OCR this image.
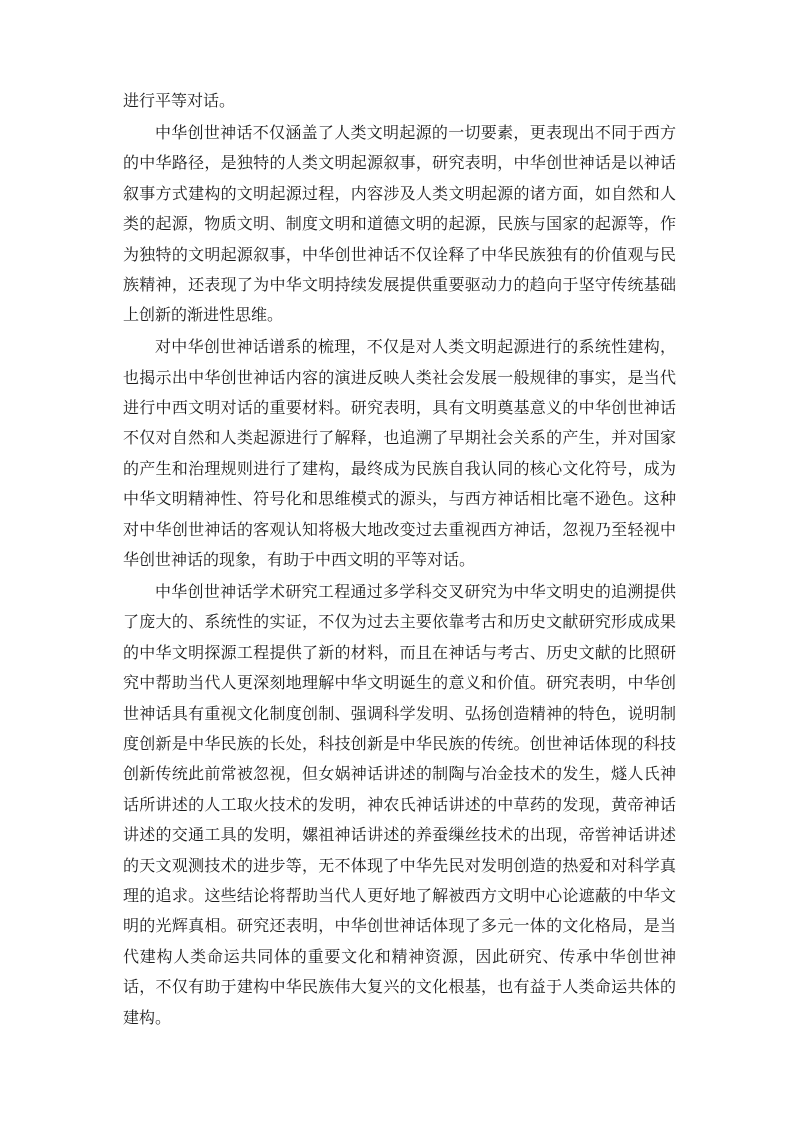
进行平等对话。

中华创世神话不仅涵盖了人类文明起源的一切要素，更表现出不同于西方的中华路径，是独特的人类文明起源叙事，研究表明，中华创世神话是以神话叙事方式建构的文明起源过程，内容涉及人类文明起源的诸方面，如自然和人类的起源，物质文明、制度文明和道德文明的起源，民族与国家的起源等，作为独特的文明起源叙事，中华创世神话不仅诠释了中华民族独有的价值观与民族精神，还表现了为中华文明持续发展提供重要驱动力的趋向于坚守传统基础上创新的渐进性思维。

对中华创世神话谱系的梳理，不仅是对人类文明起源进行的系统性建构，也揭示出中华创世神话内容的演进反映人类社会发展一般规律的事实，是当代进行中西文明对话的重要材料。研究表明，具有文明奠基意义的中华创世神话不仅对自然和人类起源进行了解释，也追溯了早期社会关系的产生，并对国家的产生和治理规则进行了建构，最终成为民族自我认同的核心文化符号，成为中华文明精神性、符号化和思维模式的源头，与西方神话相比毫不逊色。这种对中华创世神话的客观认知将极大地改变过去重视西方神话，忽视乃至轻视中华创世神话的现象，有助于中西文明的平等对话。

中华创世神话学术研究工程通过多学科交叉研究为中华文明史的追溯提供了庞大的、系统性的实证，不仅为过去主要依靠考古和历史文献研究形成成果的中华文明探源工程提供了新的材料，而且在神话与考古、历史文献的比照研究中帮助当代人更深刻地理解中华文明诞生的意义和价值。研究表明，中华创世神话具有重视文化制度创制、强调科学发明、弘扬创造精神的特色，说明制度创新是中华民族的长处，科技创新是中华民族的传统。创世神话体现的科技创新传统此前常被忽视，但女娲神话讲述的制陶与冶金技术的发生，燧人氏神话所讲述的人工取火技术的发明，神农氏神话讲述的中草药的发现，黄帝神话讲述的交通工具的发明，嫘祖神话讲述的养蚕缫丝技术的出现，帝喾神话讲述的天文观测技术的进步等，无不体现了中华先民对发明创造的热爱和对科学真理的追求。这些结论将帮助当代人更好地了解被西方文明中心论遮蔽的中华文明的光辉真相。研究还表明，中华创世神话体现了多元一体的文化格局，是当代建构人类命运共同体的重要文化和精神资源，因此研究、传承中华创世神话，不仅有助于建构中华民族伟大复兴的文化根基，也有益于人类命运共体的建构。
